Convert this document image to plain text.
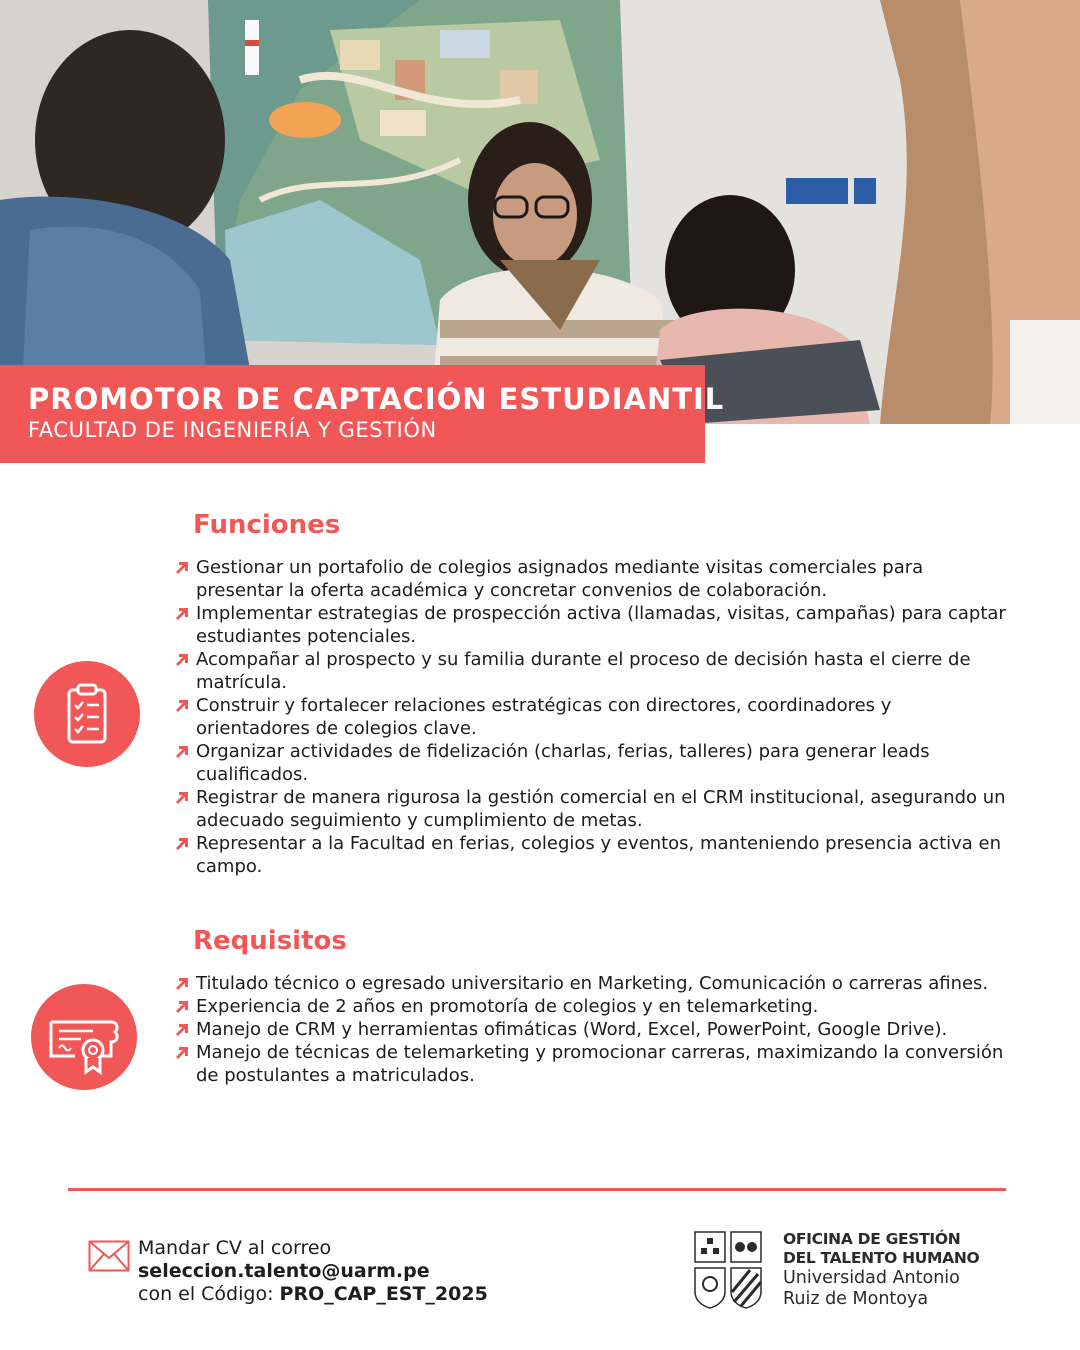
PROMOTOR DE CAPTACIÓN ESTUDIANTIL
FACULTAD DE INGENIERÍA Y GESTIÓN
Funciones
Gestionar un portafolio de colegios asignados mediante visitas comerciales para presentar la oferta académica y concretar convenios de colaboración.
Implementar estrategias de prospección activa (llamadas, visitas, campañas) para captar estudiantes potenciales.
Acompañar al prospecto y su familia durante el proceso de decisión hasta el cierre de matrícula.
Construir y fortalecer relaciones estratégicas con directores, coordinadores y orientadores de colegios clave.
Organizar actividades de fidelización (charlas, ferias, talleres) para generar leads cualificados.
Registrar de manera rigurosa la gestión comercial en el CRM institucional, asegurando un adecuado seguimiento y cumplimiento de metas.
Representar a la Facultad en ferias, colegios y eventos, manteniendo presencia activa en campo.
Requisitos
Titulado técnico o egresado universitario en Marketing, Comunicación o carreras afines.
Experiencia de 2 años en promotoría de colegios y en telemarketing.
Manejo de CRM y herramientas ofimáticas (Word, Excel, PowerPoint, Google Drive).
Manejo de técnicas de telemarketing y promocionar carreras, maximizando la conversión de postulantes a matriculados.
Mandar CV al correo
seleccion.talento@uarm.pe
con el Código: PRO_CAP_EST_2025
OFICINA DE GESTIÓN
DEL TALENTO HUMANO
Universidad Antonio
Ruiz de Montoya
